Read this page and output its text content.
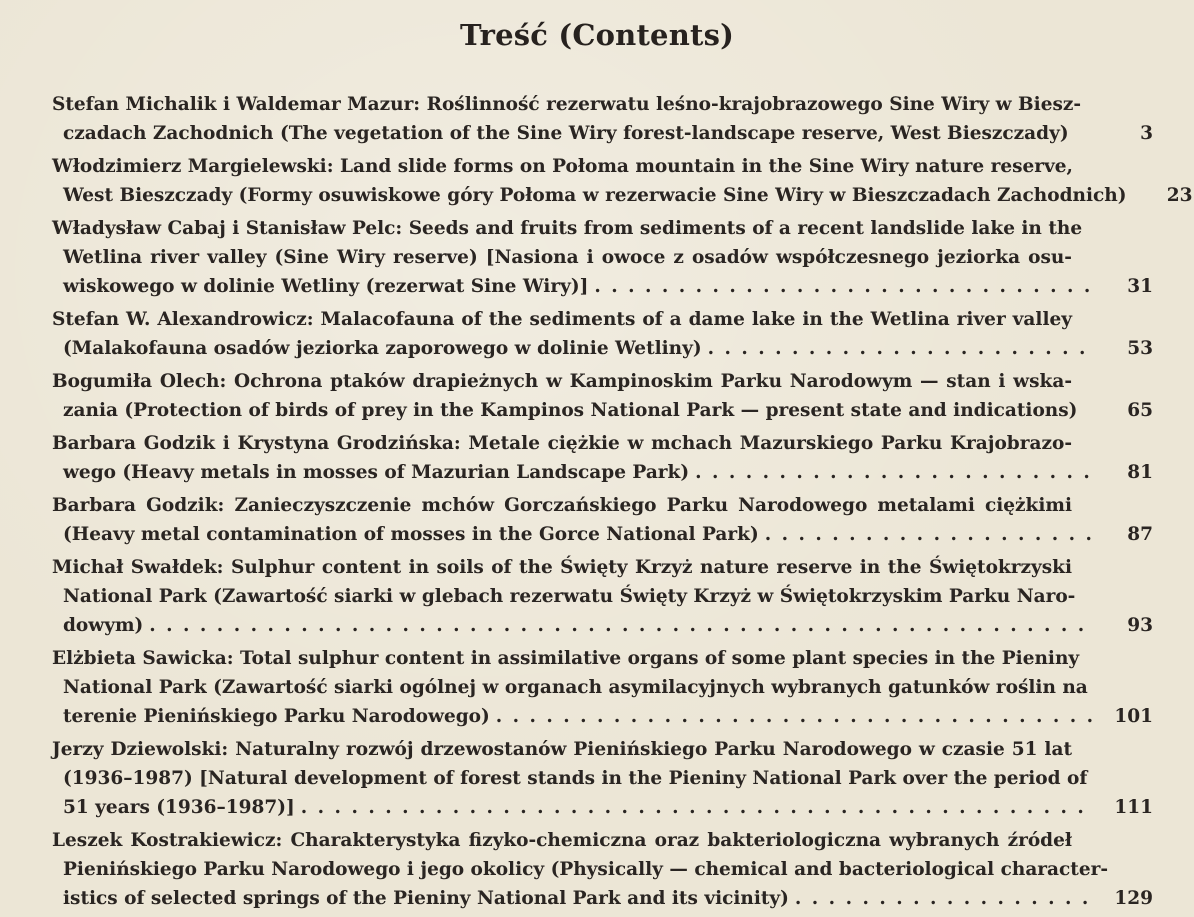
Treść (Contents)
Stefan Michalik i Waldemar Mazur: Roślinność rezerwatu leśno-krajobrazowego Sine Wiry w Biesz-
czadach Zachodnich (The vegetation of the Sine Wiry forest-landscape reserve, West Bieszczady)	3
Włodzimierz Margielewski: Land slide forms on Połoma mountain in the Sine Wiry nature reserve,
West Bieszczady (Formy osuwiskowe góry Połoma w rezerwacie Sine Wiry w Bieszczadach Zachodnich)	23
Władysław Cabaj i Stanisław Pelc: Seeds and fruits from sediments of a recent landslide lake in the
Wetlina river valley (Sine Wiry reserve) [Nasiona i owoce z osadów współczesnego jeziorka osu-
wiskowego w dolinie Wetliny (rezerwat Sine Wiry)] . . .	31
Stefan W. Alexandrowicz: Malacofauna of the sediments of a dame lake in the Wetlina river valley
(Malakofauna osadów jeziorka zaporowego w dolinie Wetliny) . . .	53
Bogumiła Olech: Ochrona ptaków drapieżnych w Kampinoskim Parku Narodowym — stan i wska-
zania (Protection of birds of prey in the Kampinos National Park — present state and indications)	65
Barbara Godzik i Krystyna Grodzińska: Metale ciężkie w mchach Mazurskiego Parku Krajobrazo-
wego (Heavy metals in mosses of Mazurian Landscape Park) . . .	81
Barbara Godzik: Zanieczyszczenie mchów Gorczańskiego Parku Narodowego metalami ciężkimi
(Heavy metal contamination of mosses in the Gorce National Park) . . .	87
Michał Swałdek: Sulphur content in soils of the Święty Krzyż nature reserve in the Świętokrzyski
National Park (Zawartość siarki w glebach rezerwatu Święty Krzyż w Świętokrzyskim Parku Naro-
dowym) . . .	93
Elżbieta Sawicka: Total sulphur content in assimilative organs of some plant species in the Pieniny
National Park (Zawartość siarki ogólnej w organach asymilacyjnych wybranych gatunków roślin na
terenie Pienińskiego Parku Narodowego) . . .	101
Jerzy Dziewolski: Naturalny rozwój drzewostanów Pienińskiego Parku Narodowego w czasie 51 lat
(1936–1987) [Natural development of forest stands in the Pieniny National Park over the period of
51 years (1936–1987)] . . .	111
Leszek Kostrakiewicz: Charakterystyka fizyko-chemiczna oraz bakteriologiczna wybranych źródeł
Pienińskiego Parku Narodowego i jego okolicy (Physically — chemical and bacteriological character-
istics of selected springs of the Pieniny National Park and its vicinity) . . .	129
